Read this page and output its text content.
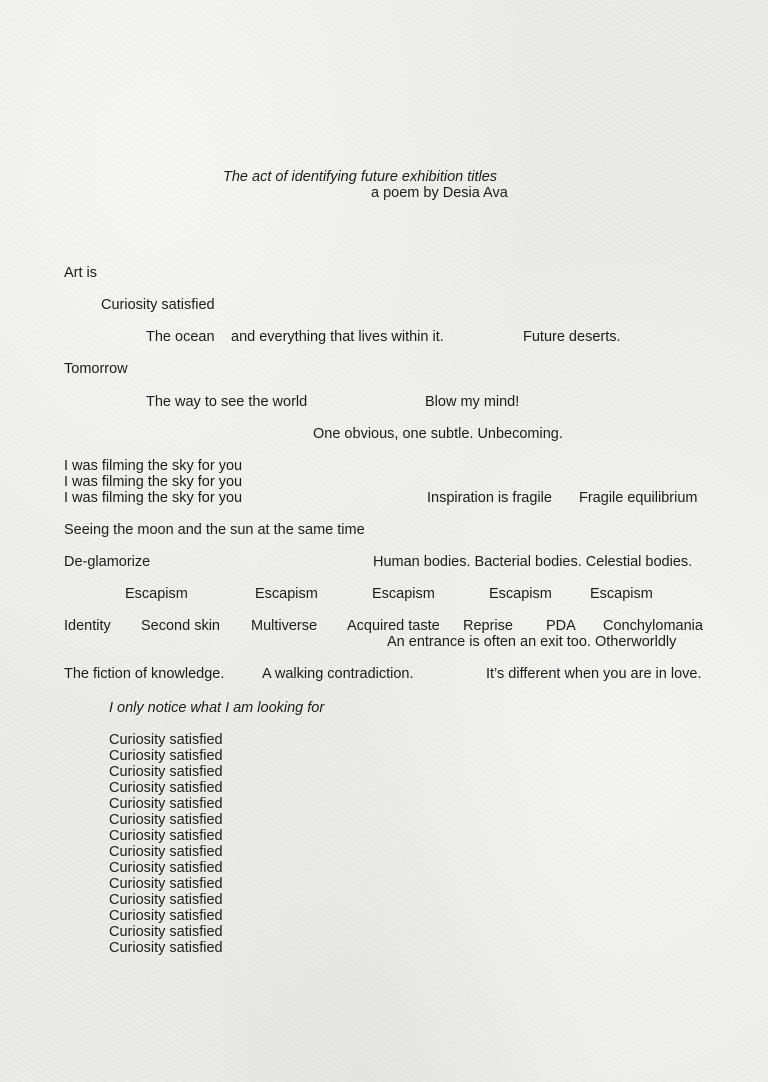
The act of identifying future exhibition titles

a poem by Desia Ava

Art is

Curiosity satisfied

The ocean and everything that lives within it.	Future deserts.

Tomorrow

The way to see the world	Blow my mind!

One obvious, one subtle. Unbecoming.

I was filming the sky for you
I was filming the sky for you
I was filming the sky for you	Inspiration is fragile Fragile equilibrium

Seeing the moon and the sun at the same time

De-glamorize	Human bodies. Bacterial bodies. Celestial bodies.

Escapism	Escapism	Escapism	Escapism	Escapism

Identity Second skin Multiverse Acquired taste Reprise PDA Conchylomania

An entrance is often an exit too. Otherworldly

The fiction of knowledge.	A walking contradiction.	It’s different when you are in love.

I only notice what I am looking for

Curiosity satisfied
Curiosity satisfied
Curiosity satisfied
Curiosity satisfied
Curiosity satisfied
Curiosity satisfied
Curiosity satisfied
Curiosity satisfied
Curiosity satisfied
Curiosity satisfied
Curiosity satisfied
Curiosity satisfied
Curiosity satisfied
Curiosity satisfied
